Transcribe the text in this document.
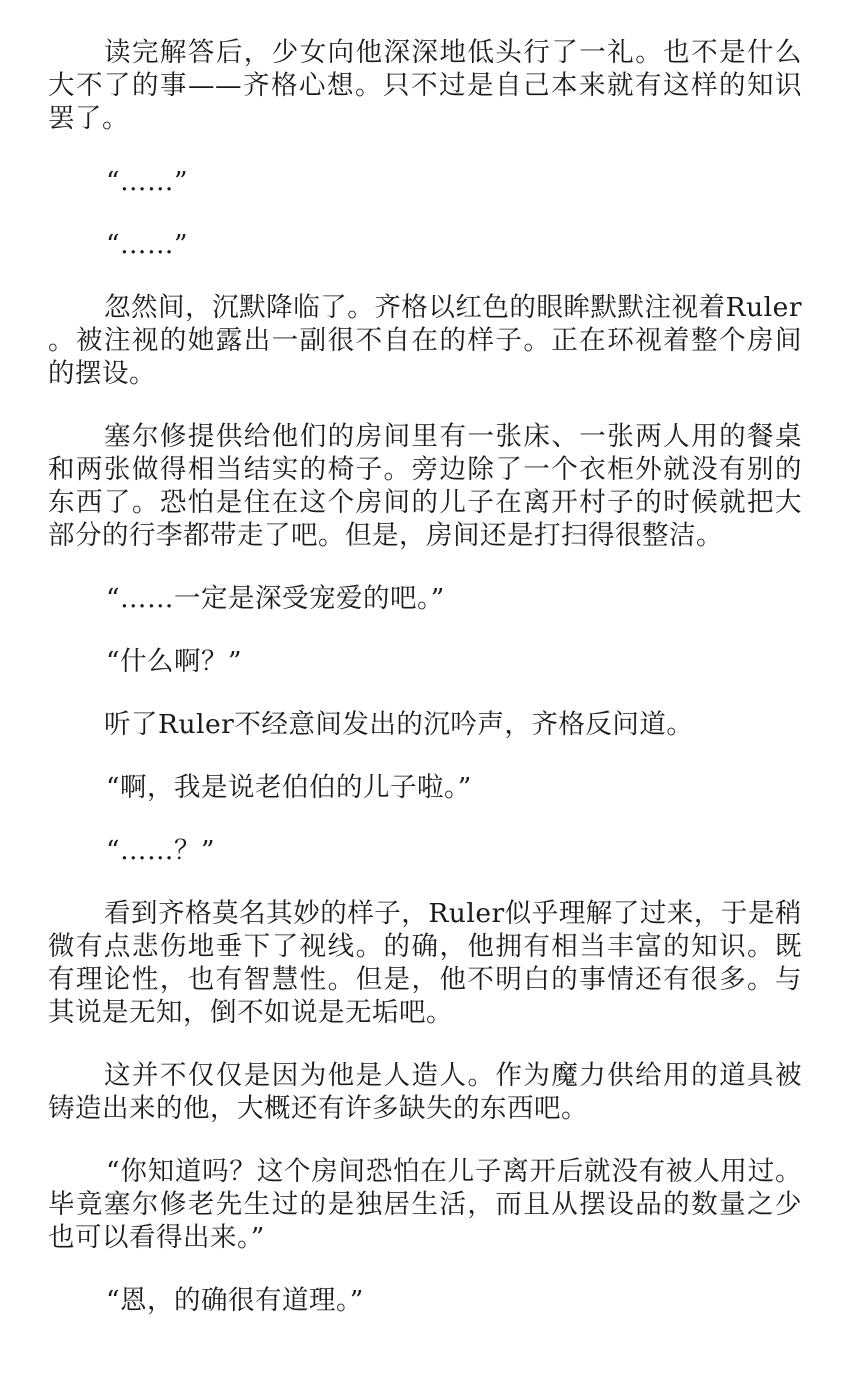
读完解答后，少女向他深深地低头行了一礼。也不是什么大不了的事——齐格心想。只不过是自己本来就有这样的知识罢了。

“……”

“……”

忽然间，沉默降临了。齐格以红色的眼眸默默注视着Ruler。被注视的她露出一副很不自在的样子。正在环视着整个房间的摆设。

塞尔修提供给他们的房间里有一张床、一张两人用的餐桌和两张做得相当结实的椅子。旁边除了一个衣柜外就没有别的东西了。恐怕是住在这个房间的儿子在离开村子的时候就把大部分的行李都带走了吧。但是，房间还是打扫得很整洁。

“……一定是深受宠爱的吧。”

“什么啊？”

听了Ruler不经意间发出的沉吟声，齐格反问道。

“啊，我是说老伯伯的儿子啦。”

“……？”

看到齐格莫名其妙的样子，Ruler似乎理解了过来，于是稍微有点悲伤地垂下了视线。的确，他拥有相当丰富的知识。既有理论性，也有智慧性。但是，他不明白的事情还有很多。与其说是无知，倒不如说是无垢吧。

这并不仅仅是因为他是人造人。作为魔力供给用的道具被铸造出来的他，大概还有许多缺失的东西吧。

“你知道吗？这个房间恐怕在儿子离开后就没有被人用过。毕竟塞尔修老先生过的是独居生活，而且从摆设品的数量之少也可以看得出来。”

“恩，的确很有道理。”
